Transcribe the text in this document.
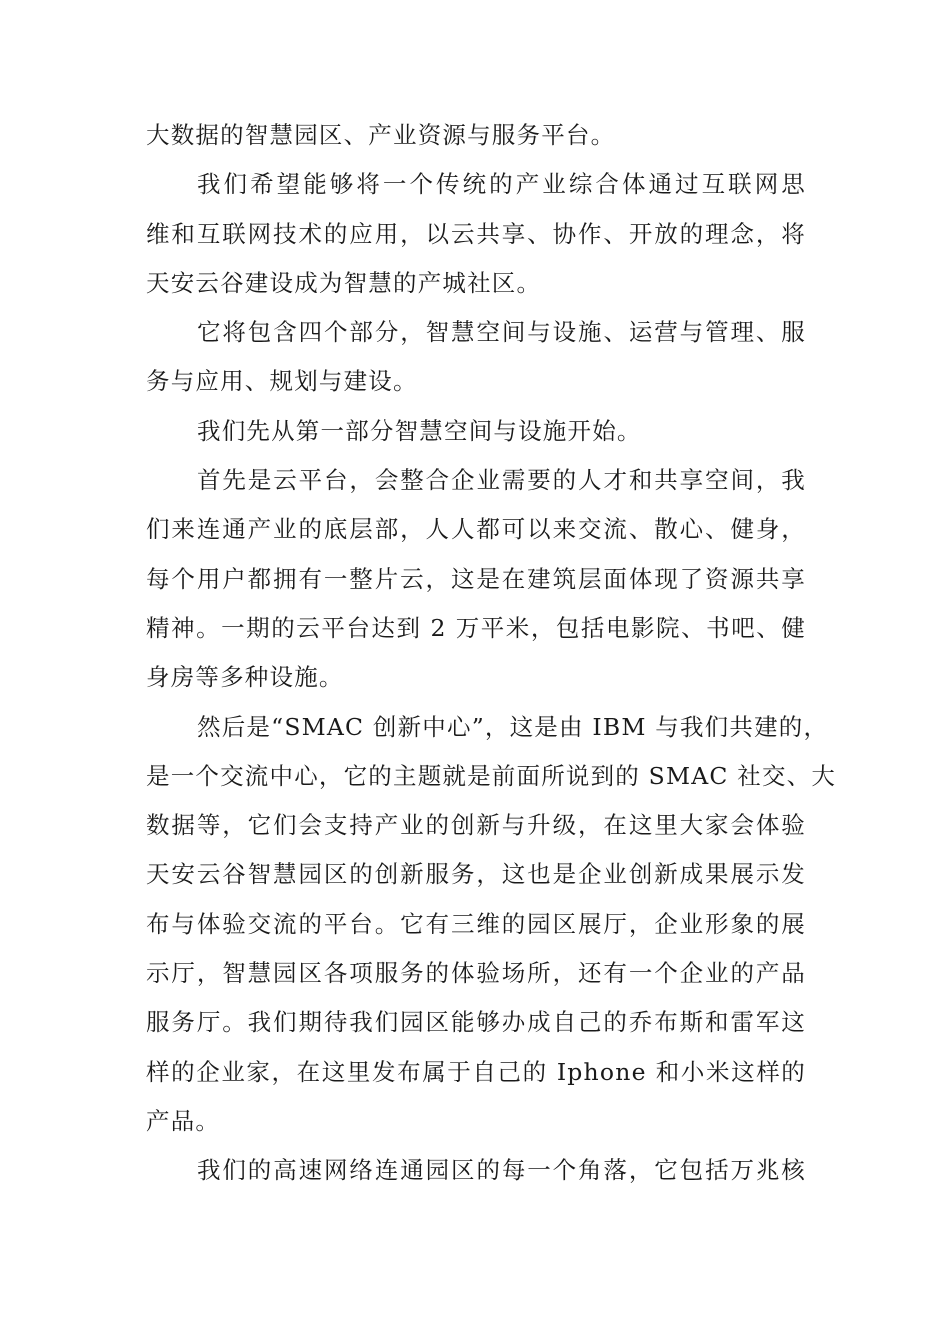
大数据的智慧园区、产业资源与服务平台。
我们希望能够将一个传统的产业综合体通过互联网思
维和互联网技术的应用，以云共享、协作、开放的理念，将
天安云谷建设成为智慧的产城社区。
它将包含四个部分，智慧空间与设施、运营与管理、服
务与应用、规划与建设。
我们先从第一部分智慧空间与设施开始。
首先是云平台，会整合企业需要的人才和共享空间，我
们来连通产业的底层部，人人都可以来交流、散心、健身，
每个用户都拥有一整片云，这是在建筑层面体现了资源共享
精神。一期的云平台达到 2 万平米，包括电影院、书吧、健
身房等多种设施。
然后是“SMAC 创新中心”，这是由 IBM 与我们共建的，
是一个交流中心，它的主题就是前面所说到的 SMAC 社交、大
数据等，它们会支持产业的创新与升级，在这里大家会体验
天安云谷智慧园区的创新服务，这也是企业创新成果展示发
布与体验交流的平台。它有三维的园区展厅，企业形象的展
示厅，智慧园区各项服务的体验场所，还有一个企业的产品
服务厅。我们期待我们园区能够办成自己的乔布斯和雷军这
样的企业家，在这里发布属于自己的 Iphone 和小米这样的
产品。
我们的高速网络连通园区的每一个角落，它包括万兆核
